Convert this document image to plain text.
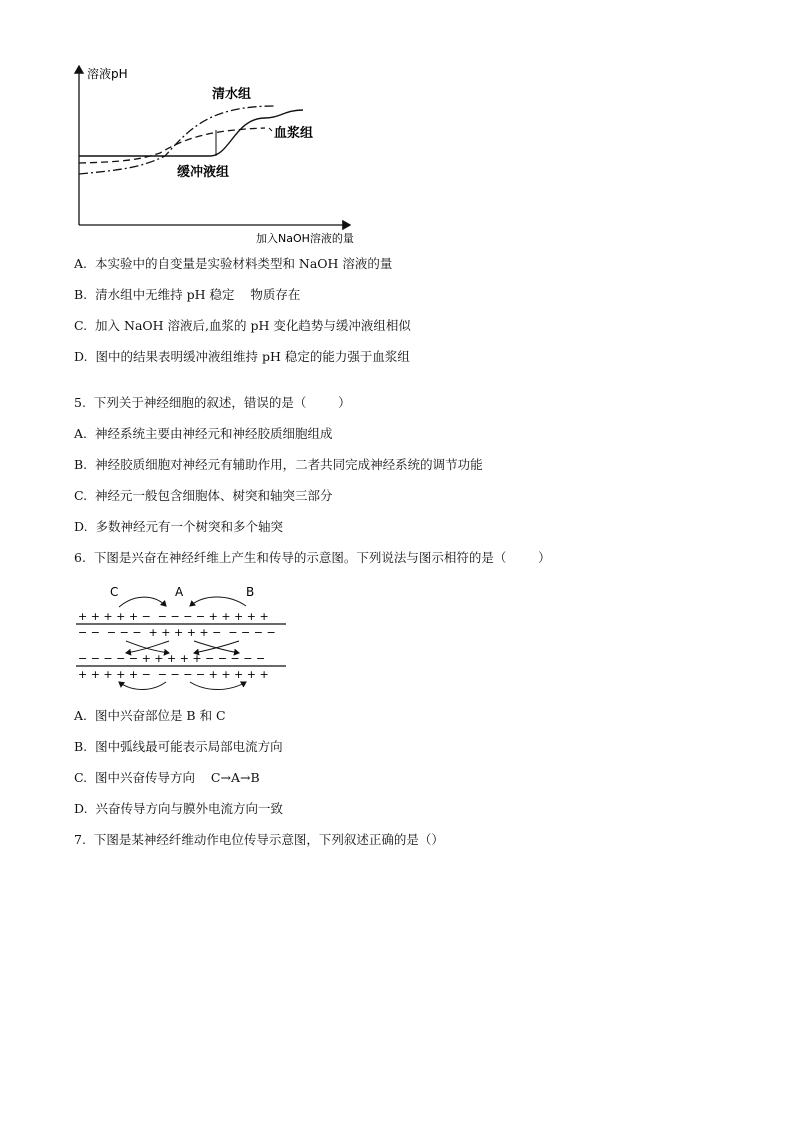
溶液pH
加入NaOH溶液的量
清水组
血浆组
缓冲液组
A.  本实验中的自变量是实验材料类型和 NaOH 溶液的量
B.  清水组中无维持 pH 稳定    物质存在
C.  加入 NaOH 溶液后,血浆的 pH 变化趋势与缓冲液组相似
D.  图中的结果表明缓冲液组维持 pH 稳定的能力强于血浆组
5.  下列关于神经细胞的叙述，错误的是（        ）
A.  神经系统主要由神经元和神经胶质细胞组成
B.  神经胶质细胞对神经元有辅助作用，二者共同完成神经系统的调节功能
C.  神经元一般包含细胞体、树突和轴突三部分
D.  多数神经元有一个树突和多个轴突
6.  下图是兴奋在神经纤维上产生和传导的示意图。下列说法与图示相符的是（        ）
C	A	B
+ + + + + −  − − − − + + + + +
− −  − − −  + + + + + −  − − − −
− − − − − + + + + + − − − − −
+ + + + + −  − − − − + + + + +
A.  图中兴奋部位是 B 和 C
B.  图中弧线最可能表示局部电流方向
C.  图中兴奋传导方向    C→A→B
D.  兴奋传导方向与膜外电流方向一致
7.  下图是某神经纤维动作电位传导示意图，下列叙述正确的是（）
